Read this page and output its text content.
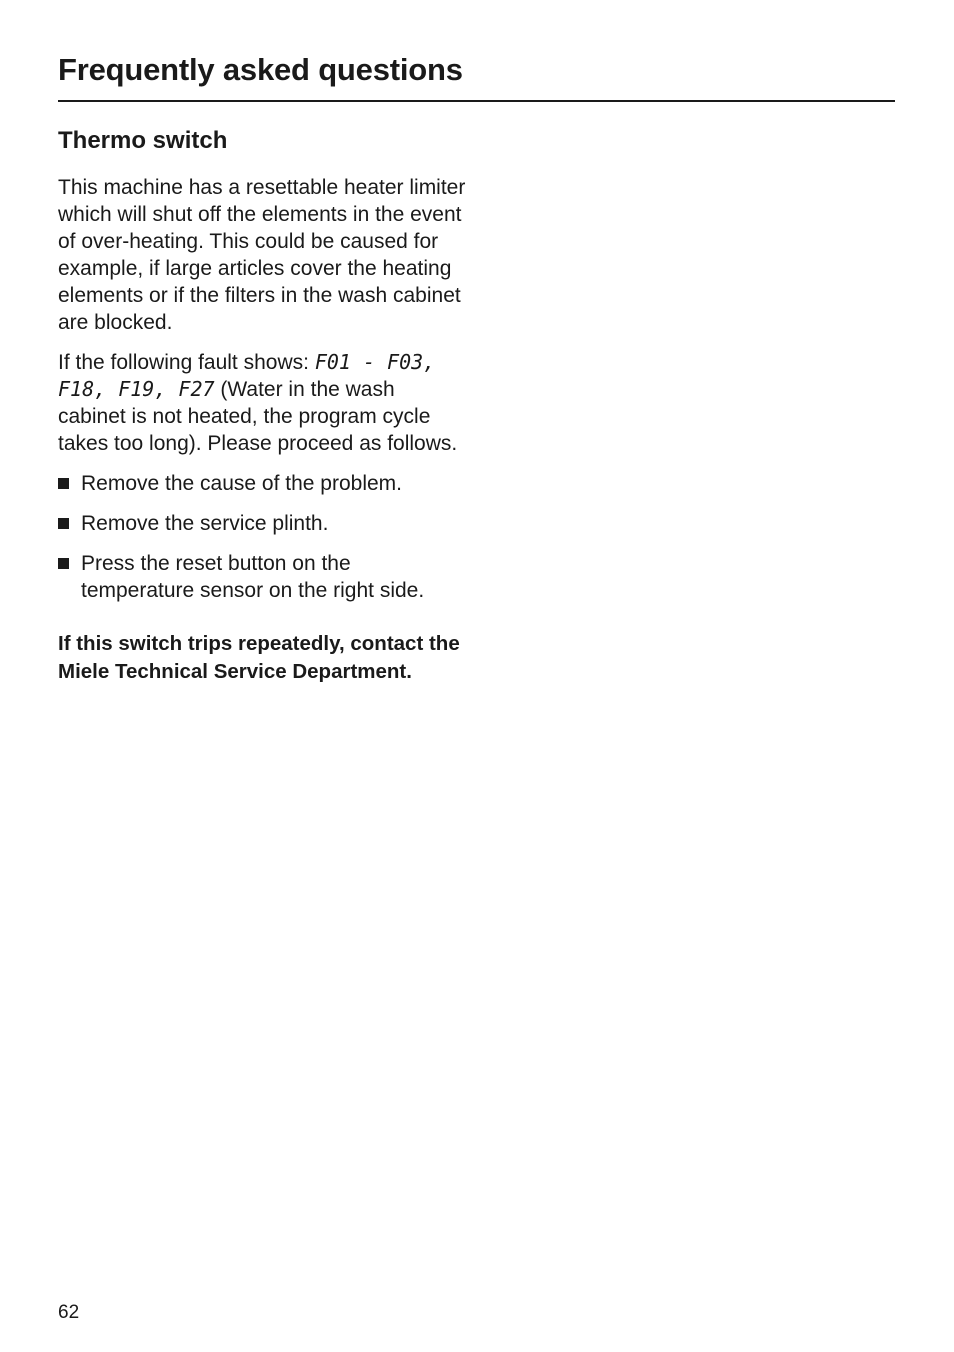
Frequently asked questions
Thermo switch

This machine has a resettable heater limiter which will shut off the elements in the event of over-heating. This could be caused for example, if large articles cover the heating elements or if the filters in the wash cabinet are blocked.

If the following fault shows: F01 - F03, F18, F19, F27 (Water in the wash cabinet is not heated, the program cycle takes too long). Please proceed as follows.

Remove the cause of the problem.
Remove the service plinth.
Press the reset button on the temperature sensor on the right side.

If this switch trips repeatedly, contact the Miele Technical Service Department.

62
